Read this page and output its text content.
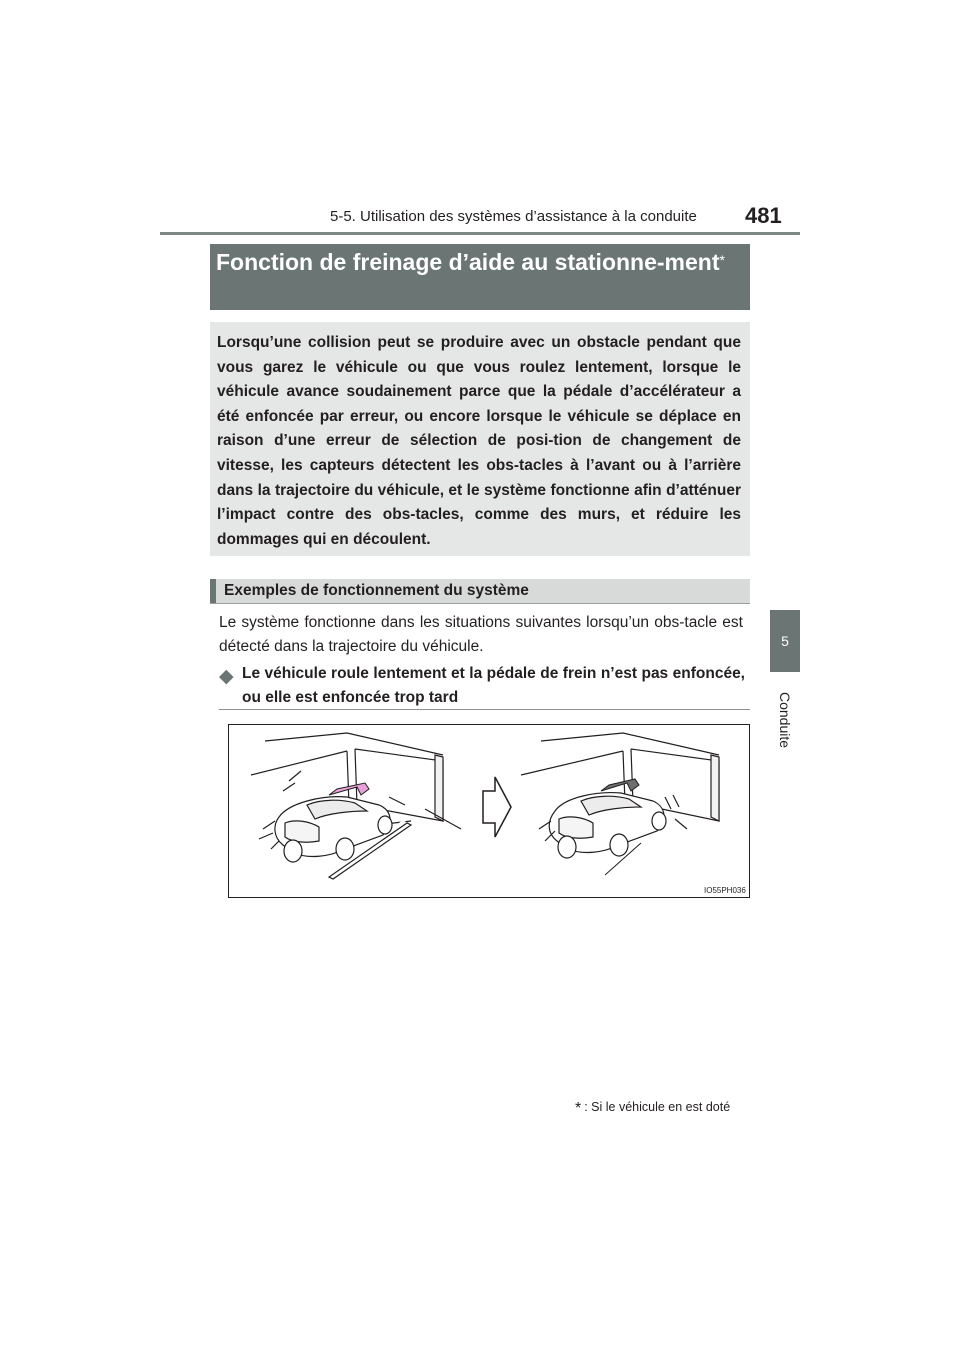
5-5. Utilisation des systèmes d’assistance à la conduite 481
5
Conduite
Fonction de freinage d’aide au stationne-ment*

Lorsqu’une collision peut se produire avec un obstacle pendant que vous garez le véhicule ou que vous roulez lentement, lorsque le véhicule avance soudainement parce que la pédale d’accélérateur a été enfoncée par erreur, ou encore lorsque le véhicule se déplace en raison d’une erreur de sélection de posi-tion de changement de vitesse, les capteurs détectent les obs-tacles à l’avant ou à l’arrière dans la trajectoire du véhicule, et le système fonctionne afin d’atténuer l’impact contre des obs-tacles, comme des murs, et réduire les dommages qui en découlent.

Exemples de fonctionnement du système

Le système fonctionne dans les situations suivantes lorsqu’un obs-tacle est détecté dans la trajectoire du véhicule.

◆ Le véhicule roule lentement et la pédale de frein n’est pas enfoncée, ou elle est enfoncée trop tard

IO55PH036
* : Si le véhicule en est doté
